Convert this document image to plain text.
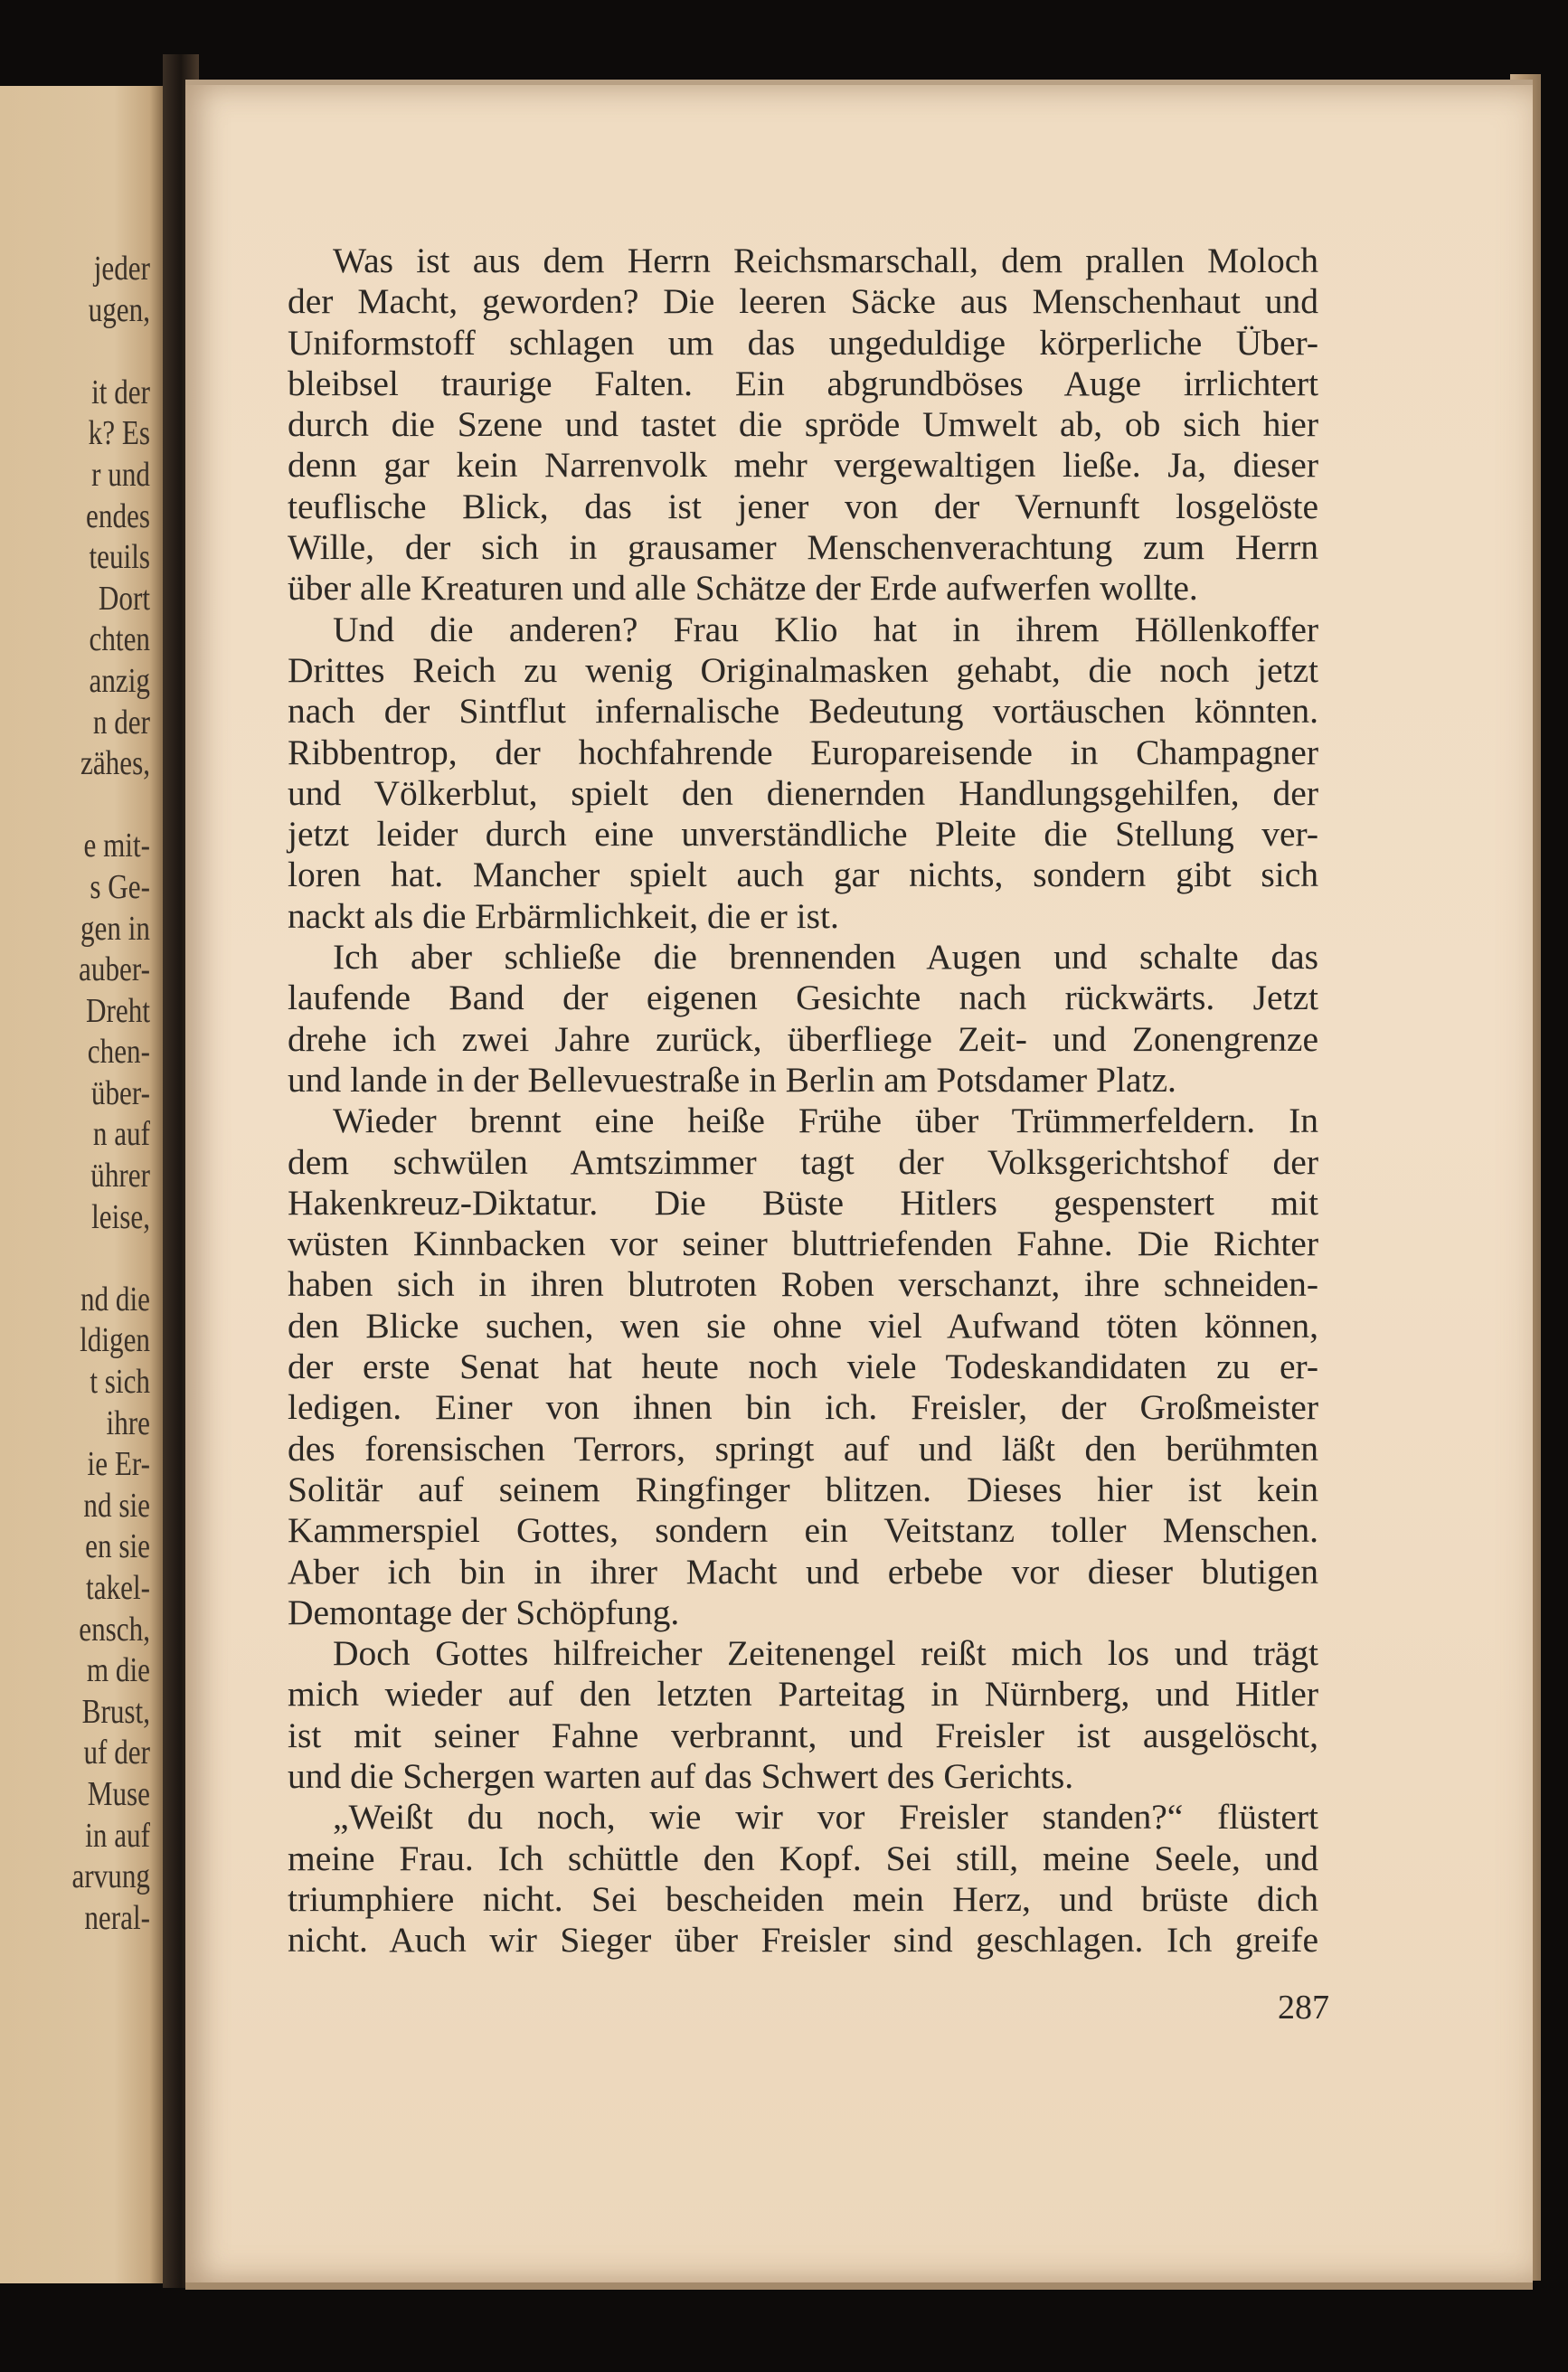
jeder
ugen,
it der
k? Es
r und
endes
teuils
Dort
chten
anzig
n der
zähes,
e mit-
s Ge-
gen in
auber-
Dreht
chen-
über-
n auf
ührer
leise,
nd die
ldigen
t sich
ihre
ie Er-
nd sie
en sie
takel-
ensch,
m die
Brust,
uf der
Muse
in auf
arvung
neral-
Was ist aus dem Herrn Reichsmarschall, dem prallen Moloch
der Macht, geworden? Die leeren Säcke aus Menschenhaut und
Uniformstoff schlagen um das ungeduldige körperliche Über-
bleibsel traurige Falten. Ein abgrundböses Auge irrlichtert
durch die Szene und tastet die spröde Umwelt ab, ob sich hier
denn gar kein Narrenvolk mehr vergewaltigen ließe. Ja, dieser
teuflische Blick, das ist jener von der Vernunft losgelöste
Wille, der sich in grausamer Menschenverachtung zum Herrn
über alle Kreaturen und alle Schätze der Erde aufwerfen wollte.
Und die anderen? Frau Klio hat in ihrem Höllenkoffer
Drittes Reich zu wenig Originalmasken gehabt, die noch jetzt
nach der Sintflut infernalische Bedeutung vortäuschen könnten.
Ribbentrop, der hochfahrende Europareisende in Champagner
und Völkerblut, spielt den dienernden Handlungsgehilfen, der
jetzt leider durch eine unverständliche Pleite die Stellung ver-
loren hat. Mancher spielt auch gar nichts, sondern gibt sich
nackt als die Erbärmlichkeit, die er ist.
Ich aber schließe die brennenden Augen und schalte das
laufende Band der eigenen Gesichte nach rückwärts. Jetzt
drehe ich zwei Jahre zurück, überfliege Zeit- und Zonengrenze
und lande in der Bellevuestraße in Berlin am Potsdamer Platz.
Wieder brennt eine heiße Frühe über Trümmerfeldern. In
dem schwülen Amtszimmer tagt der Volksgerichtshof der
Hakenkreuz-Diktatur. Die Büste Hitlers gespenstert mit
wüsten Kinnbacken vor seiner bluttriefenden Fahne. Die Richter
haben sich in ihren blutroten Roben verschanzt, ihre schneiden-
den Blicke suchen, wen sie ohne viel Aufwand töten können,
der erste Senat hat heute noch viele Todeskandidaten zu er-
ledigen. Einer von ihnen bin ich. Freisler, der Großmeister
des forensischen Terrors, springt auf und läßt den berühmten
Solitär auf seinem Ringfinger blitzen. Dieses hier ist kein
Kammerspiel Gottes, sondern ein Veitstanz toller Menschen.
Aber ich bin in ihrer Macht und erbebe vor dieser blutigen
Demontage der Schöpfung.
Doch Gottes hilfreicher Zeitenengel reißt mich los und trägt
mich wieder auf den letzten Parteitag in Nürnberg, und Hitler
ist mit seiner Fahne verbrannt, und Freisler ist ausgelöscht,
und die Schergen warten auf das Schwert des Gerichts.
„Weißt du noch, wie wir vor Freisler standen?“ flüstert
meine Frau. Ich schüttle den Kopf. Sei still, meine Seele, und
triumphiere nicht. Sei bescheiden mein Herz, und brüste dich
nicht. Auch wir Sieger über Freisler sind geschlagen. Ich greife
287
